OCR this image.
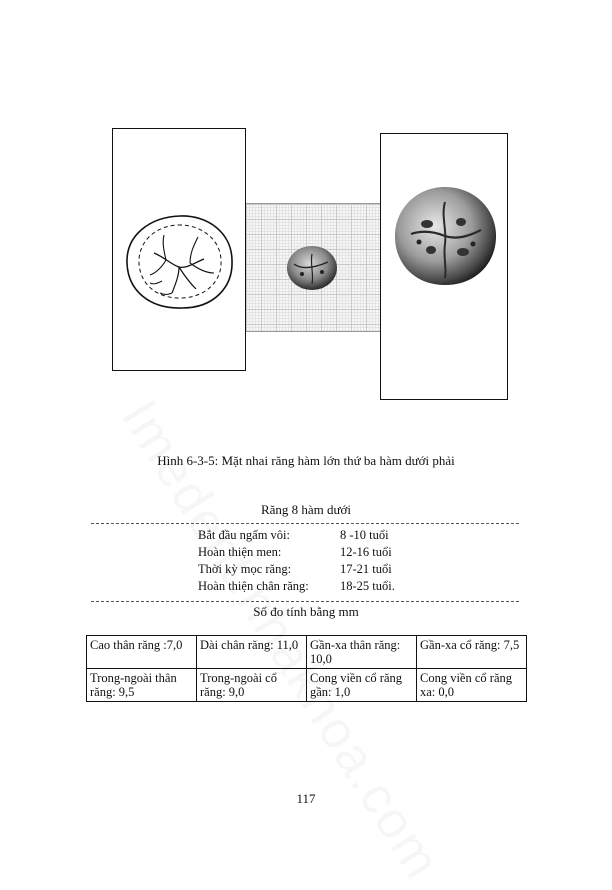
Hình 6-3-5: Mặt nhai răng hàm lớn thứ ba hàm dưới phải
Răng 8 hàm dưới
Bắt đầu ngấm vôi:	8 -10 tuổi
Hoàn thiện men:	12-16 tuổi
Thời kỳ mọc răng:	17-21 tuổi
Hoàn thiện chân răng:	18-25 tuổi.
Số đo tính bằng mm
Cao thân răng :7,0	Dài chân răng: 11,0	Gần-xa thân răng: 10,0	Gần-xa cổ răng: 7,5
Trong-ngoài thân răng: 9,5	Trong-ngoài cổ răng: 9,0	Cong viền cổ răng gần: 1,0	Cong viền cổ răng xa: 0,0
117
